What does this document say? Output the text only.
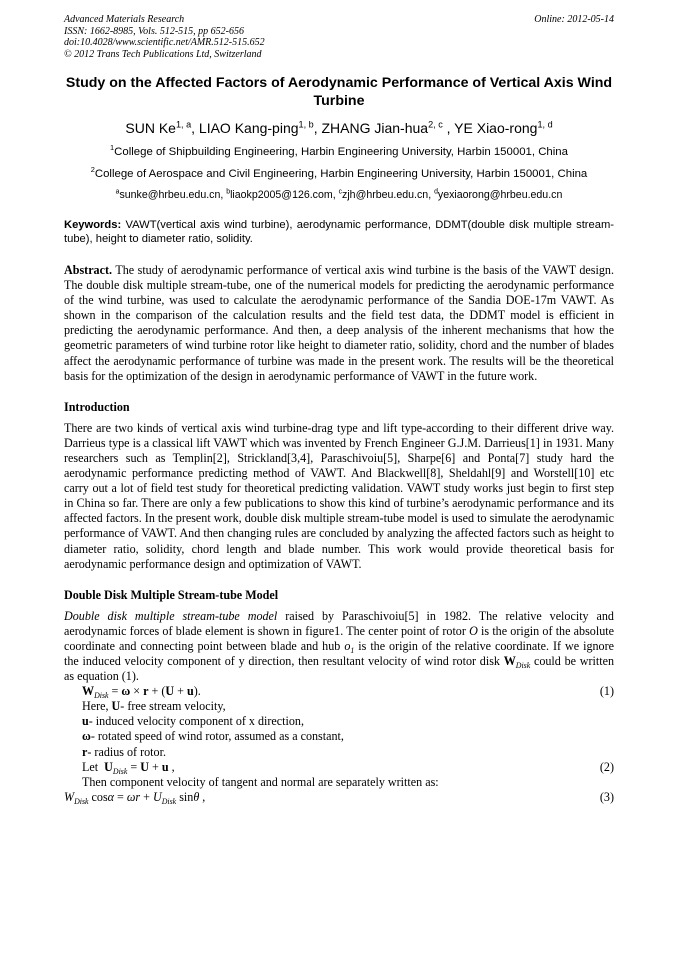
Advanced Materials Research
ISSN: 1662-8985, Vols. 512-515, pp 652-656
doi:10.4028/www.scientific.net/AMR.512-515.652
© 2012 Trans Tech Publications Ltd, Switzerland
Online: 2012-05-14
Study on the Affected Factors of Aerodynamic Performance of Vertical Axis Wind Turbine
SUN Ke$^{1, a}$, LIAO Kang-ping$^{1, b}$, ZHANG Jian-hua$^{2, c}$ , YE Xiao-rong$^{1, d}$
$^1$College of Shipbuilding Engineering, Harbin Engineering University, Harbin 150001, China
$^2$College of Aerospace and Civil Engineering, Harbin Engineering University, Harbin 150001, China
$^a$sunke@hrbeu.edu.cn, $^b$liaokp2005@126.com, $^c$zjh@hrbeu.edu.cn, $^d$yexiaorong@hrbeu.edu.cn
Keywords: VAWT(vertical axis wind turbine), aerodynamic performance, DDMT(double disk multiple stream-tube), height to diameter ratio, solidity.

Abstract. The study of aerodynamic performance of vertical axis wind turbine is the basis of the VAWT design. The double disk multiple stream-tube, one of the numerical models for predicting the aerodynamic performance of the wind turbine, was used to calculate the aerodynamic performance of the Sandia DOE-17m VAWT. As shown in the comparison of the calculation results and the field test data, the DDMT model is efficient in predicting the aerodynamic performance. And then, a deep analysis of the inherent mechanisms that how the geometric parameters of wind turbine rotor like height to diameter ratio, solidity, chord and the number of blades affect the aerodynamic performance of turbine was made in the present work. The results will be the theoretical basis for the optimization of the design in aerodynamic performance of VAWT in the future work.

Introduction

There are two kinds of vertical axis wind turbine-drag type and lift type-according to their different drive way. Darrieus type is a classical lift VAWT which was invented by French Engineer G.J.M. Darrieus[1] in 1931. Many researchers such as Templin[2], Strickland[3,4], Paraschivoiu[5], Sharpe[6] and Ponta[7] study hard the aerodynamic performance predicting method of VAWT. And Blackwell[8], Sheldahl[9] and Worstell[10] etc carry out a lot of field test study for theoretical predicting validation. VAWT study works just begin to first step in China so far. There are only a few publications to show this kind of turbine’s aerodynamic performance and its affected factors. In the present work, double disk multiple stream-tube model is used to simulate the aerodynamic performance of VAWT. And then changing rules are concluded by analyzing the affected factors such as height to diameter ratio, solidity, chord length and blade number. This work would provide theoretical basis for aerodynamic performance design and optimization of VAWT.

Double Disk Multiple Stream-tube Model

Double disk multiple stream-tube model raised by Paraschivoiu[5] in 1982. The relative velocity and aerodynamic forces of blade element is shown in figure1. The center point of rotor O is the origin of the absolute coordinate and connecting point between blade and hub $o_1$ is the origin of the relative coordinate. If we ignore the induced velocity component of y direction, then resultant velocity of wind rotor disk $W_{Disk}$ could be written as equation (1).

$W_{Disk} = \omega \times r + (U + u)$.	(1)
Here, U- free stream velocity,
u- induced velocity component of x direction,
ω- rotated speed of wind rotor, assumed as a constant,
r- radius of rotor.
Let $U_{Disk} = U + u$ ,	(2)
Then component velocity of tangent and normal are separately written as:
$W_{Disk}$ $\cos\alpha = \omega r + U_{Disk}$ sinθ ,	(3)
